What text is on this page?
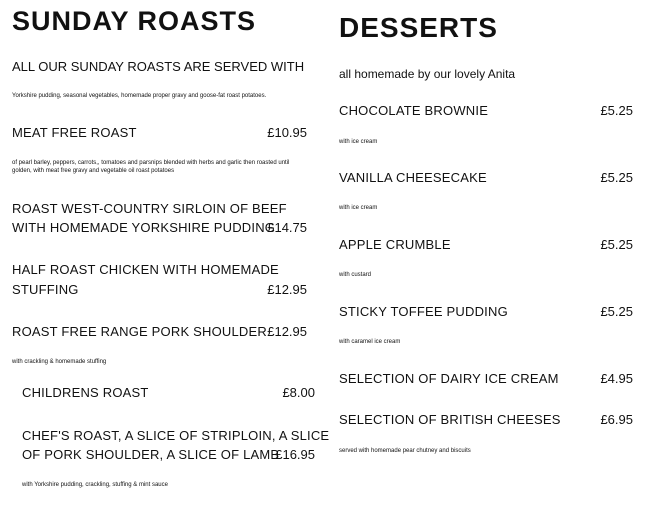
SUNDAY ROASTS
ALL OUR SUNDAY ROASTS ARE SERVED WITH
Yorkshire pudding, seasonal vegetables, homemade proper gravy and goose-fat roast potatoes.
MEAT FREE ROAST	£10.95
of pearl barley, peppers, carrots,, tomatoes and parsnips blended with herbs and garlic then roasted until golden, with meat free gravy and vegetable oil roast potatoes
ROAST WEST-COUNTRY SIRLOIN OF BEEF
WITH HOMEMADE YORKSHIRE PUDDING
£14.75
HALF ROAST CHICKEN WITH HOMEMADE
STUFFING	£12.95
ROAST FREE RANGE PORK SHOULDER £12.95
with crackling & homemade stuffing
CHILDRENS ROAST	£8.00
CHEF'S ROAST, A SLICE OF STRIPLOIN, A SLICE
OF PORK SHOULDER, A SLICE OF LAMB
£16.95
with Yorkshire pudding, crackling, stuffing & mint sauce
DESSERTS
all homemade by our lovely Anita
CHOCOLATE BROWNIE	£5.25
with ice cream
VANILLA CHEESECAKE	£5.25
with ice cream
APPLE CRUMBLE	£5.25
with custard
STICKY TOFFEE PUDDING	£5.25
with caramel ice cream
SELECTION OF DAIRY ICE CREAM	£4.95
SELECTION OF BRITISH CHEESES	£6.95
served with homemade pear chutney and biscuits
